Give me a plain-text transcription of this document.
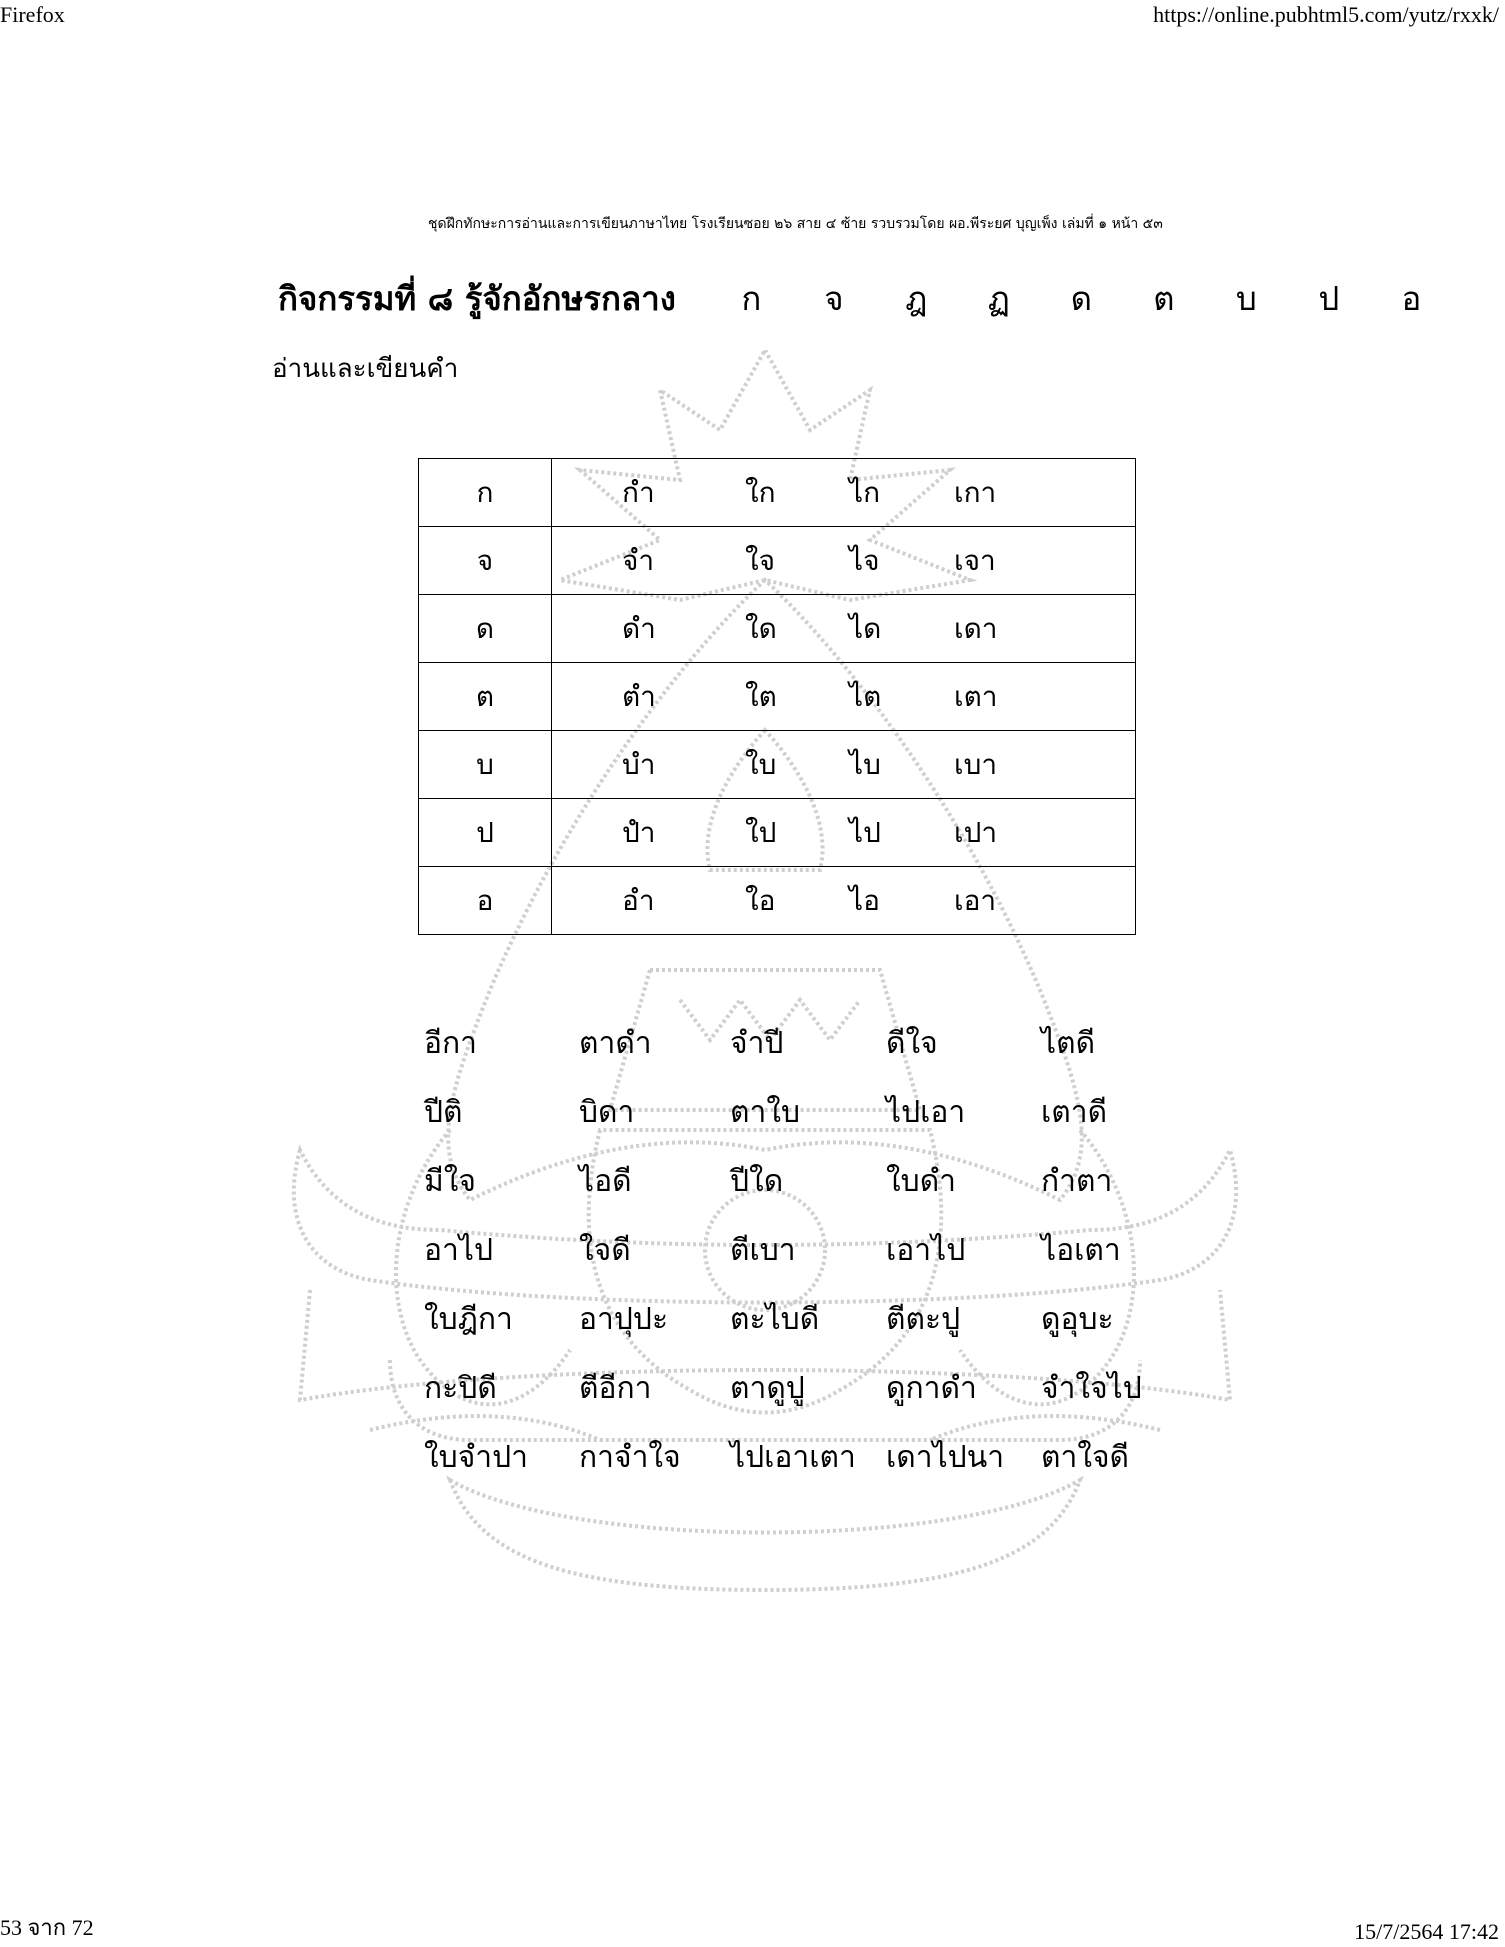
Firefox	https://online.pubhtml5.com/yutz/rxxk/
ชุดฝึกทักษะการอ่านและการเขียนภาษาไทย โรงเรียนซอย ๒๖ สาย ๔ ซ้าย รวบรวมโดย ผอ.พีระยศ บุญเพ็ง เล่มที่ ๑ หน้า ๕๓
กิจกรรมที่ ๘ รู้จักอักษรกลาง ก จ ฎ ฏ ด ต บ ป อ
อ่านและเขียนคำ
ก	กำ ใก ไก เกา

จ	จำ ใจ ไจ เจา

ด	ดำ ใด ได เดา

ต	ตำ ใต ไต เตา

บ	บำ ใบ ไบ เบา

ป	ปำ ใป ไป เปา

อ	อำ ใอ ไอ เอา
อีกา	ตาดำ	จำปี	ดีใจ	ไตดี
ปีติ	บิดา	ตาใบ	ไปเอา	เตาดี
มีใจ	ไอดี	ปีใด	ใบดำ	กำตา
อาไป	ใจดี	ตีเบา	เอาไป	ไอเตา
ใบฎีกา อาปุปะ ตะไบดี ตีตะปู	ดูอุบะ
กะปิดี	ตีอีกา	ตาดูปู	ดูกาดำ จำใจไป
ใบจำปา กาจำใจ ไปเอาเตา เดาไปนา ตาใจดี
53 จาก 72	15/7/2564 17:42
